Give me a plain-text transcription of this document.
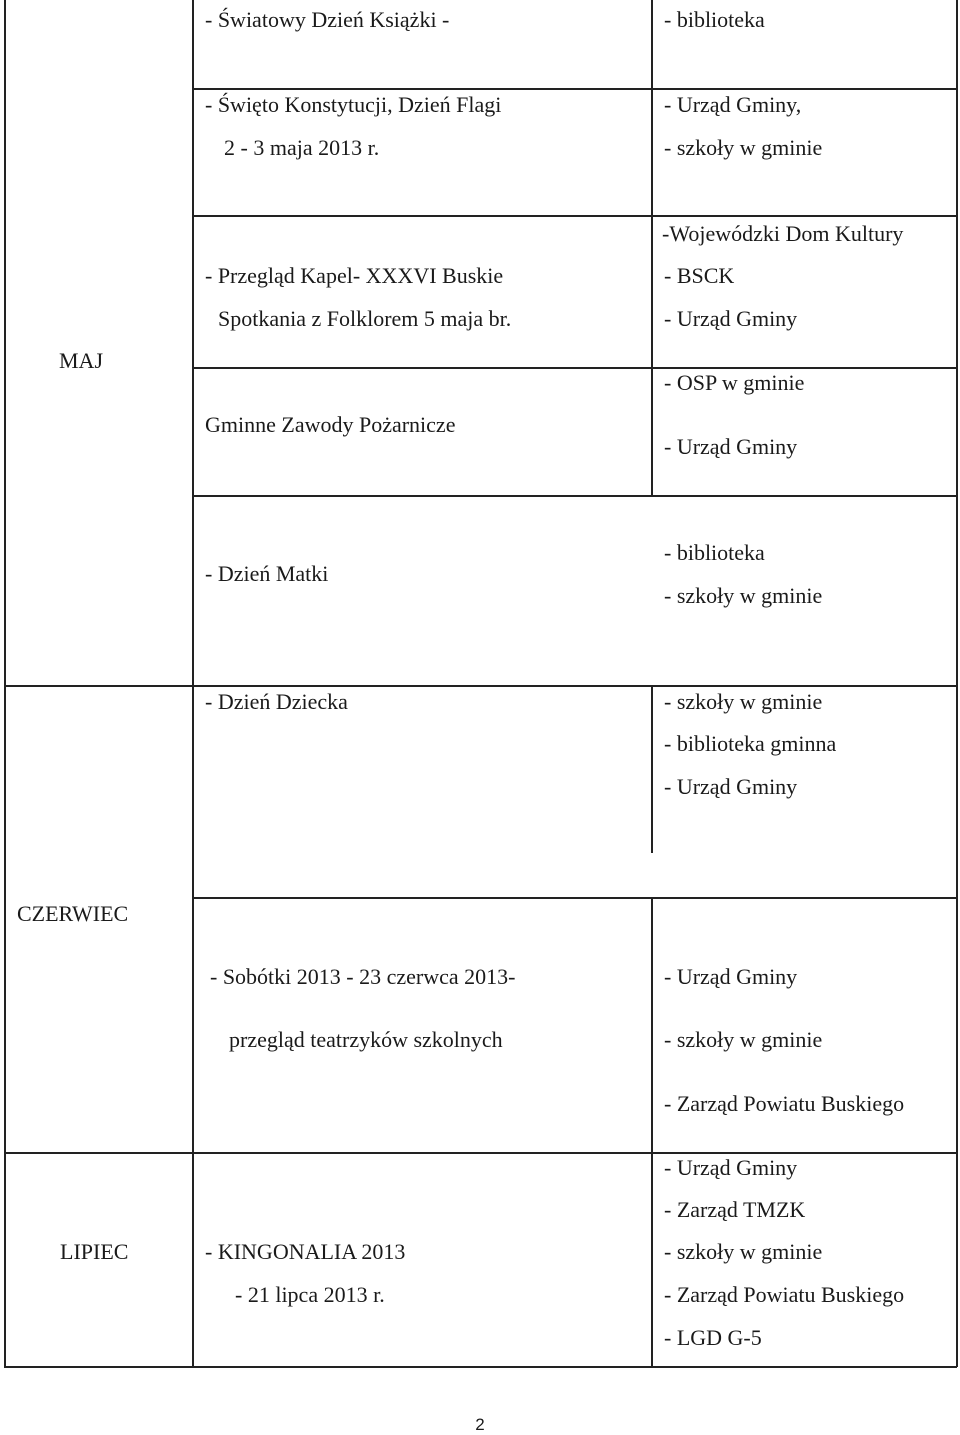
- Światowy Dzień Książki -	- biblioteka
- Święto Konstytucji, Dzień Flagi
2 - 3 maja 2013 r.
- Urząd Gminy,
- szkoły w gminie
MAJ
- Przegląd Kapel- XXXVI Buskie
Spotkania z Folklorem 5 maja br.
Gminne Zawody Pożarnicze
-Wojewódzki Dom Kultury
- BSCK
- Urząd Gminy
- OSP w gminie
- Urząd Gminy
- Dzień Matki
- biblioteka
- szkoły w gminie
CZERWIEC
- Dzień Dziecka
- Sobótki 2013 - 23 czerwca 2013-
przegląd teatrzyków szkolnych
- szkoły w gminie
- biblioteka gminna
- Urząd Gminy
- Urząd Gminy
- szkoły w gminie
- Zarząd Powiatu Buskiego
LIPIEC	- KINGONALIA 2013
- 21 lipca 2013 r.
- Urząd Gminy
- Zarząd TMZK
- szkoły w gminie
- Zarząd Powiatu Buskiego
- LGD G-5
2
